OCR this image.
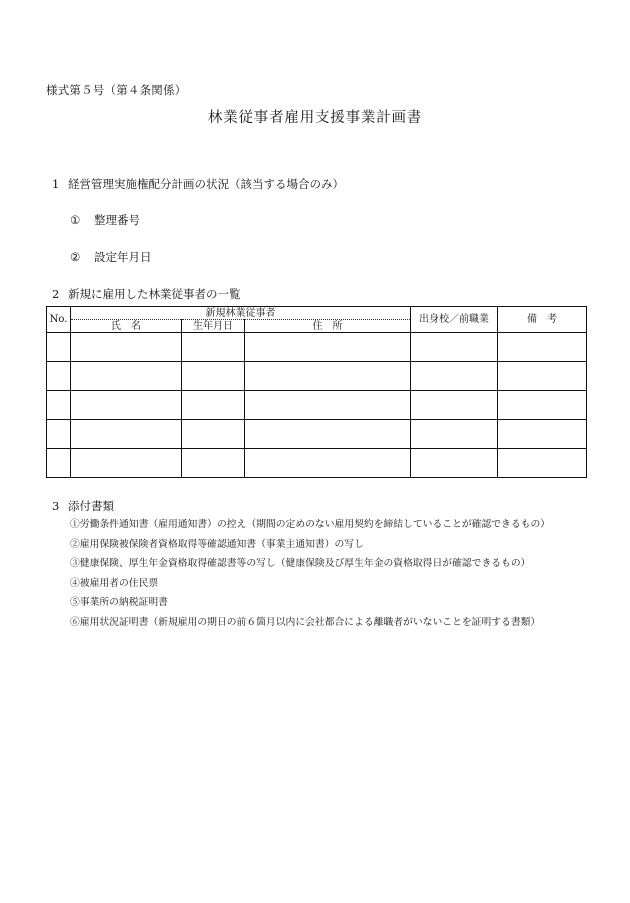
様式第５号（第４条関係）
林業従事者雇用支援事業計画書
1 経営管理実施権配分計画の状況（該当する場合のみ）
① 整理番号
② 設定年月日
2 新規に雇用した林業従事者の一覧
No.	新規林業従事者			出身校／前職業	備　考
	氏　名	生年月日	住　所		

3 添付書類
①労働条件通知書（雇用通知書）の控え（期間の定めのない雇用契約を締結していることが確認できるもの）
②雇用保険被保険者資格取得等確認通知書（事業主通知書）の写し
③健康保険、厚生年金資格取得確認書等の写し（健康保険及び厚生年金の資格取得日が確認できるもの）
④被雇用者の住民票
⑤事業所の納税証明書
⑥雇用状況証明書（新規雇用の期日の前６箇月以内に会社都合による離職者がいないことを証明する書類）
